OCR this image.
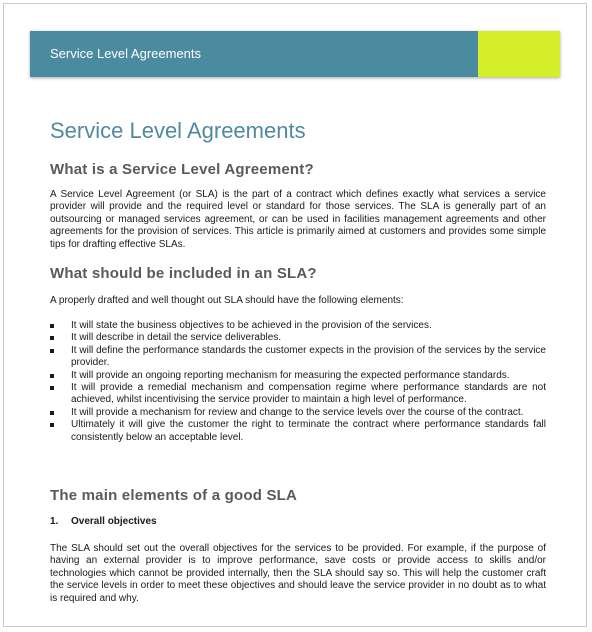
Service Level Agreements
Service Level Agreements
What is a Service Level Agreement?

A Service Level Agreement (or SLA) is the part of a contract which defines exactly what services a service provider will provide and the required level or standard for those services. The SLA is generally part of an outsourcing or managed services agreement, or can be used in facilities management agreements and other agreements for the provision of services. This article is primarily aimed at customers and provides some simple tips for drafting effective SLAs.

What should be included in an SLA?

A properly drafted and well thought out SLA should have the following elements:

It will state the business objectives to be achieved in the provision of the services.
It will describe in detail the service deliverables.
It will define the performance standards the customer expects in the provision of the services by the service provider.
It will provide an ongoing reporting mechanism for measuring the expected performance standards.
It will provide a remedial mechanism and compensation regime where performance standards are not achieved, whilst incentivising the service provider to maintain a high level of performance.
It will provide a mechanism for review and change to the service levels over the course of the contract.
Ultimately it will give the customer the right to terminate the contract where performance standards fall consistently below an acceptable level.
The main elements of a good SLA

1. Overall objectives

The SLA should set out the overall objectives for the services to be provided. For example, if the purpose of having an external provider is to improve performance, save costs or provide access to skills and/or technologies which cannot be provided internally, then the SLA should say so. This will help the customer craft the service levels in order to meet these objectives and should leave the service provider in no doubt as to what is required and why.
